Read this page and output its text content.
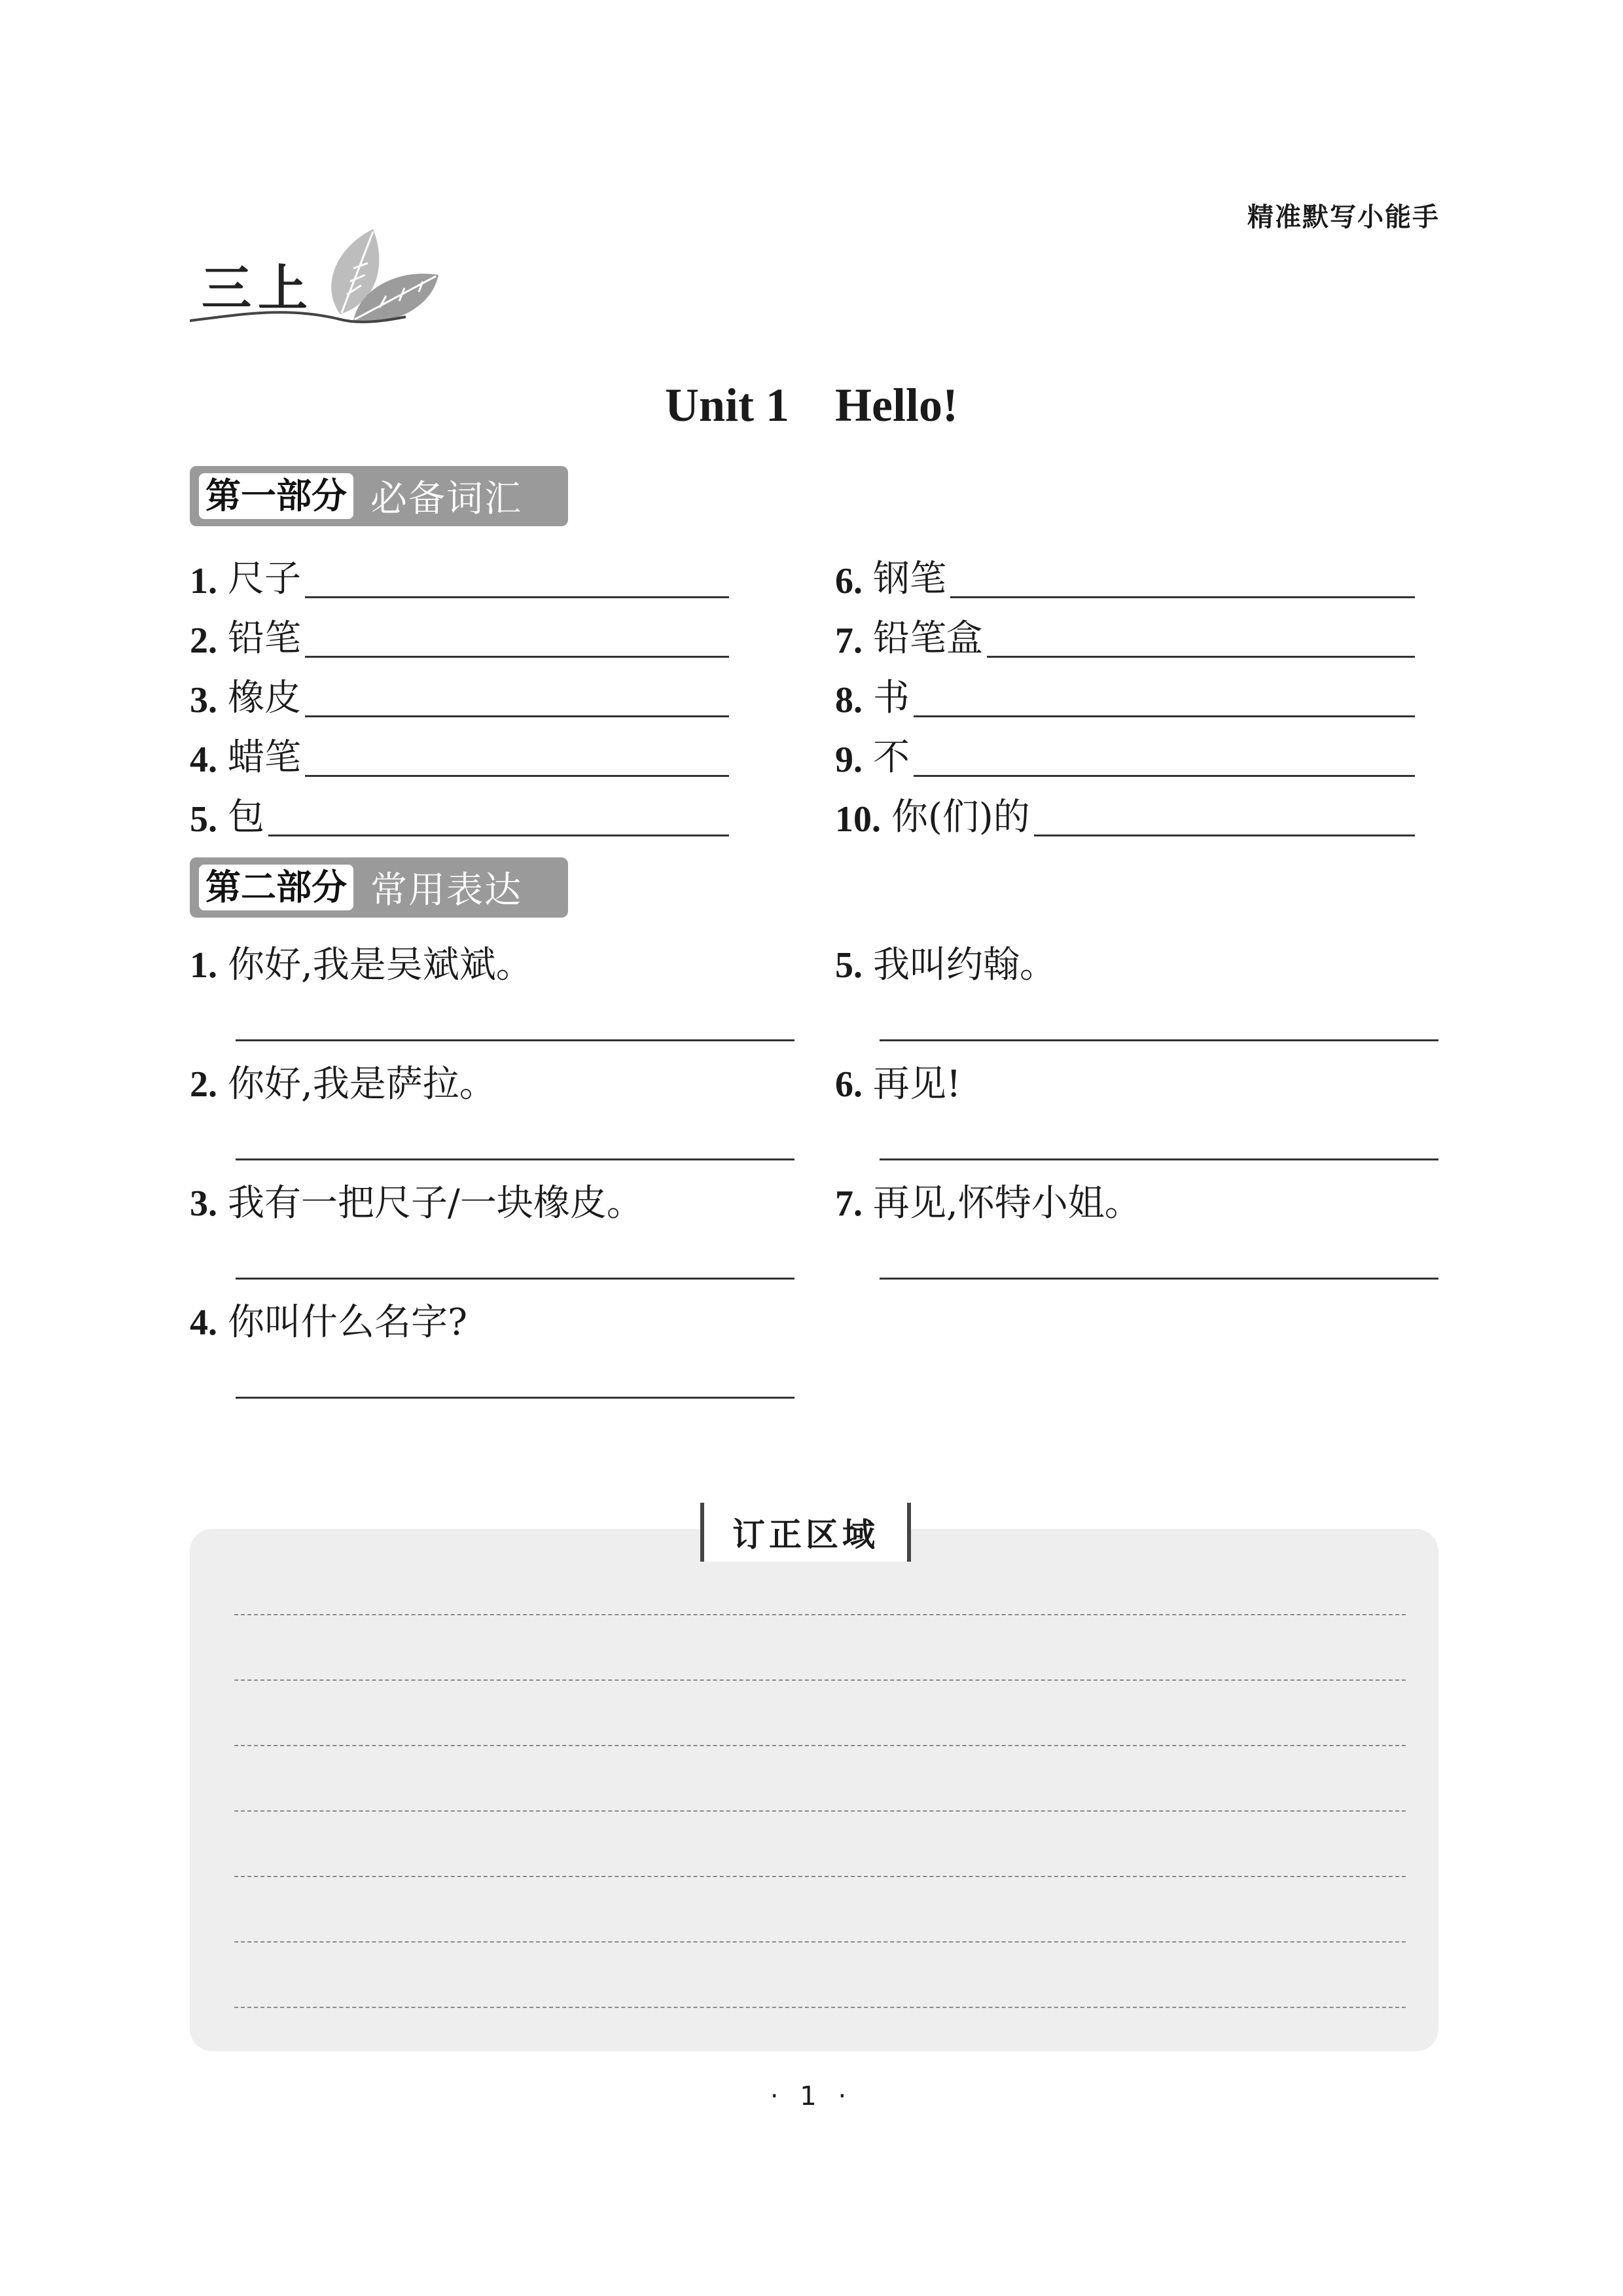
精准默写小能手
三上
Unit 1 Hello!
第一部分 必备词汇
1. 尺子
2. 铅笔
3. 橡皮
4. 蜡笔
5. 包
6. 钢笔
7. 铅笔盒
8. 书
9. 不
10. 你(们)的
第二部分 常用表达
1. 你好,我是吴斌斌。
2. 你好,我是萨拉。
3. 我有一把尺子/一块橡皮。
4. 你叫什么名字?
5. 我叫约翰。
6. 再见!
7. 再见,怀特小姐。
订正区域
· 1 ·
